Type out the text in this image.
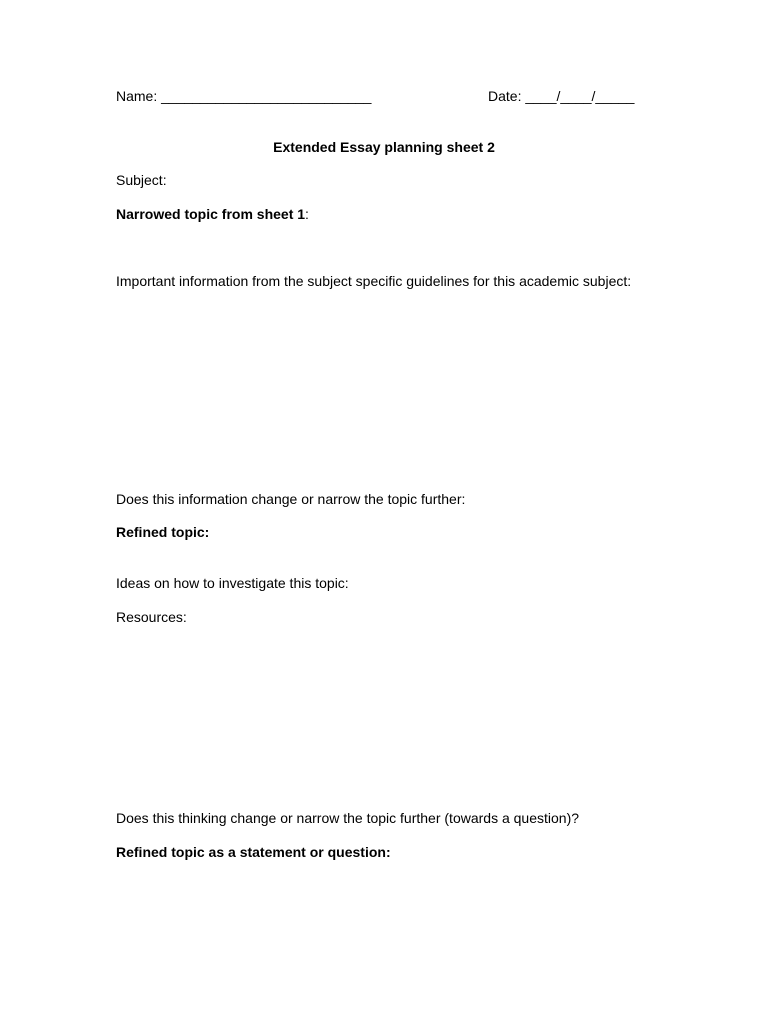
Name: ___________________________	Date: ____/____/_____
Extended Essay planning sheet 2
Subject:
Narrowed topic from sheet 1:
Important information from the subject specific guidelines for this academic subject:
Does this information change or narrow the topic further:
Refined topic:
Ideas on how to investigate this topic:
Resources:
Does this thinking change or narrow the topic further (towards a question)?
Refined topic as a statement or question:
